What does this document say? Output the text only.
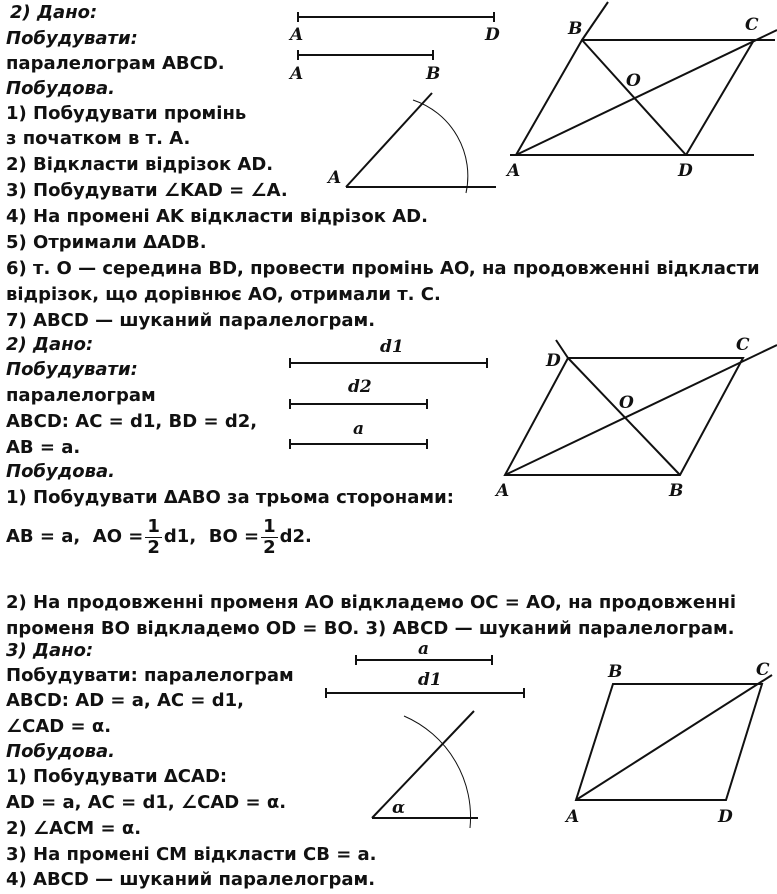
2) Дано:
Побудувати:
паралелограм ABCD.
Побудова.
1) Побудувати промінь
з початком в т. A.
2) Відкласти відрізок AD.
3) Побудувати ∠KAD = ∠A.
4) На промені AK відкласти відрізок AD.
5) Отримали ΔADB.
6) т. O — середина BD, провести промінь AO, на продовженні відкласти відрізок, що дорівнює AO, отримали т. C.
7) ABCD — шуканий паралелограм.
2) Дано:
Побудувати:
паралелограм
ABCD: AC = d1, BD = d2,
AB = a.
Побудова.
1) Побудувати ΔABO за трьома сторонами:
AB = a, AO = $\frac{1}{2} d1$, BO = $\frac{1}{2} d2$.
2) На продовженні променя AO відкладемо OC = AO, на продовженні променя BO відкладемо OD = BO. 3) ABCD — шуканий паралелограм.
3) Дано:
Побудувати: паралелограм
ABCD: AD = a, AC = d1,
∠CAD = α.
Побудова.
1) Побудувати ΔCAD:
AD = a, AC = d1, ∠CAD = α.
2) ∠ACM = α.
3) На промені CM відкласти CB = a.
4) ABCD — шуканий паралелограм.
A	D
A	B
A
B	C
O
A	D
d1
d2
a
D
C
O
A	B
a
d1
α
B	C
A	D
